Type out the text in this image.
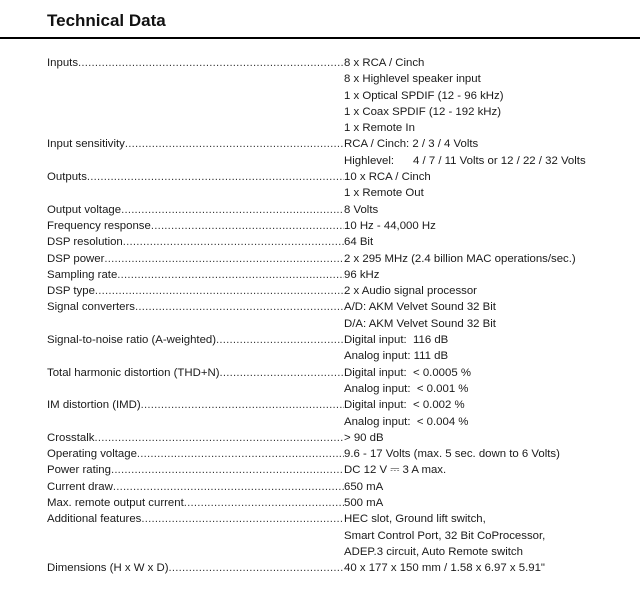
Technical Data
Inputs .....	8 x RCA / Cinch
8 x Highlevel speaker input
1 x Optical SPDIF (12 - 96 kHz)
1 x Coax SPDIF (12 - 192 kHz)
1 x Remote In
Input sensitivity .....	RCA / Cinch: 2 / 3 / 4 Volts
Highlevel:      4 / 7 / 11 Volts or 12 / 22 / 32 Volts
Outputs .....	10 x RCA / Cinch
1 x Remote Out
Output voltage .....	8 Volts
Frequency response .....	10 Hz - 44,000 Hz
DSP resolution .....	64 Bit
DSP power .....	2 x 295 MHz (2.4 billion MAC operations/sec.)
Sampling rate .....	96 kHz
DSP type .....	2 x Audio signal processor
Signal converters .....	A/D: AKM Velvet Sound 32 Bit
D/A: AKM Velvet Sound 32 Bit
Signal-to-noise ratio (A-weighted) .....	Digital input:  116 dB
Analog input: 111 dB
Total harmonic distortion (THD+N) .....	Digital input:  < 0.0005 %
Analog input:  < 0.001 %
IM distortion (IMD) .....	Digital input:  < 0.002 %
Analog input:  < 0.004 %
Crosstalk .....	> 90 dB
Operating voltage .....	9.6 - 17 Volts (max. 5 sec. down to 6 Volts)
Power rating .....	DC 12 V ⎓ 3 A max.
Current draw .....	650 mA
Max. remote output current .....	500 mA
Additional features .....	HEC slot, Ground lift switch,
Smart Control Port, 32 Bit CoProcessor,
ADEP.3 circuit, Auto Remote switch
Dimensions (H x W x D) .....	40 x 177 x 150 mm / 1.58 x 6.97 x 5.91"
